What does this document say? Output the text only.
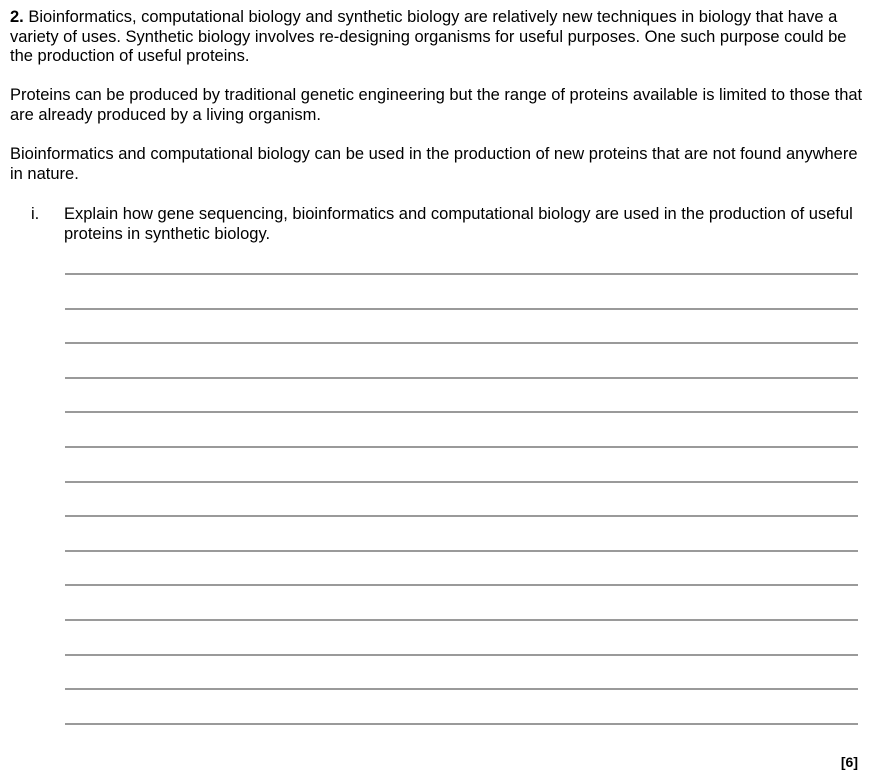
2. Bioinformatics, computational biology and synthetic biology are relatively new techniques in biology that have a variety of uses. Synthetic biology involves re-designing organisms for useful purposes. One such purpose could be the production of useful proteins.

Proteins can be produced by traditional genetic engineering but the range of proteins available is limited to those that are already produced by a living organism.

Bioinformatics and computational biology can be used in the production of new proteins that are not found anywhere in nature.

i. Explain how gene sequencing, bioinformatics and computational biology are used in the production of useful proteins in synthetic biology.
[6]
